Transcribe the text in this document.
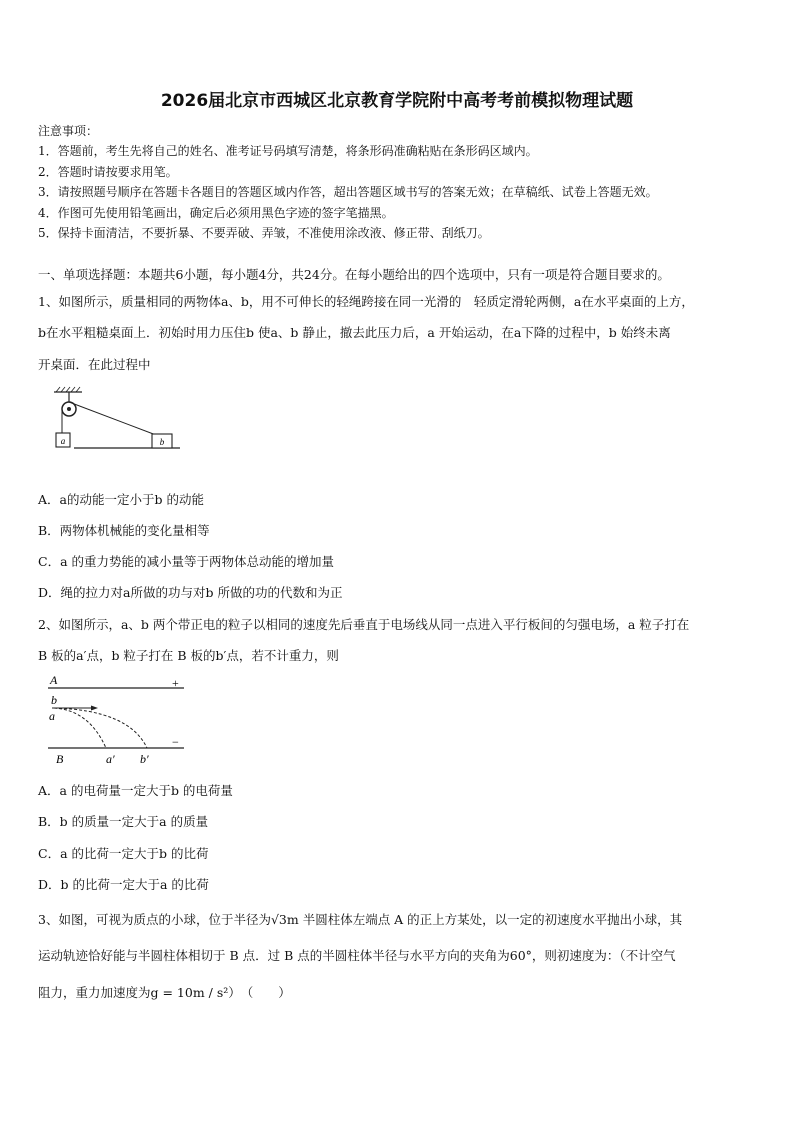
2026届北京市西城区北京教育学院附中高考考前模拟物理试题
注意事项：
1．答题前，考生先将自己的姓名、准考证号码填写清楚，将条形码准确粘贴在条形码区域内。
2．答题时请按要求用笔。
3．请按照题号顺序在答题卡各题目的答题区域内作答，超出答题区域书写的答案无效；在草稿纸、试卷上答题无效。
4．作图可先使用铅笔画出，确定后必须用黑色字迹的签字笔描黑。
5．保持卡面清洁，不要折暴、不要弄破、弄皱，不准使用涂改液、修正带、刮纸刀。
一、单项选择题：本题共6小题，每小题4分，共24分。在每小题给出的四个选项中，只有一项是符合题目要求的。
1、如图所示，质量相同的两物体a、b，用不可伸长的轻绳跨接在同一光滑的　轻质定滑轮两侧，a在水平桌面的上方，
b在水平粗糙桌面上．初始时用力压住b 使a、b 静止，撤去此压力后，a 开始运动，在a下降的过程中，b 始终未离
开桌面．在此过程中
a	b
A．a的动能一定小于b 的动能
B．两物体机械能的变化量相等
C．a 的重力势能的减小量等于两物体总动能的增加量
D．绳的拉力对a所做的功与对b 所做的功的代数和为正
2、如图所示，a、b 两个带正电的粒子以相同的速度先后垂直于电场线从同一点进入平行板间的匀强电场，a 粒子打在
B 板的a′点，b 粒子打在 B 板的b′点，若不计重力，则
A	+
b
a
−
B	a′ b′
A．a 的电荷量一定大于b 的电荷量
B．b 的质量一定大于a 的质量
C．a 的比荷一定大于b 的比荷
D．b 的比荷一定大于a 的比荷
3、如图，可视为质点的小球，位于半径为√3m 半圆柱体左端点 A 的正上方某处，以一定的初速度水平抛出小球，其
运动轨迹恰好能与半圆柱体相切于 B 点．过 B 点的半圆柱体半径与水平方向的夹角为60°，则初速度为：（不计空气
阻力，重力加速度为g = 10m / s²）　（　　）
